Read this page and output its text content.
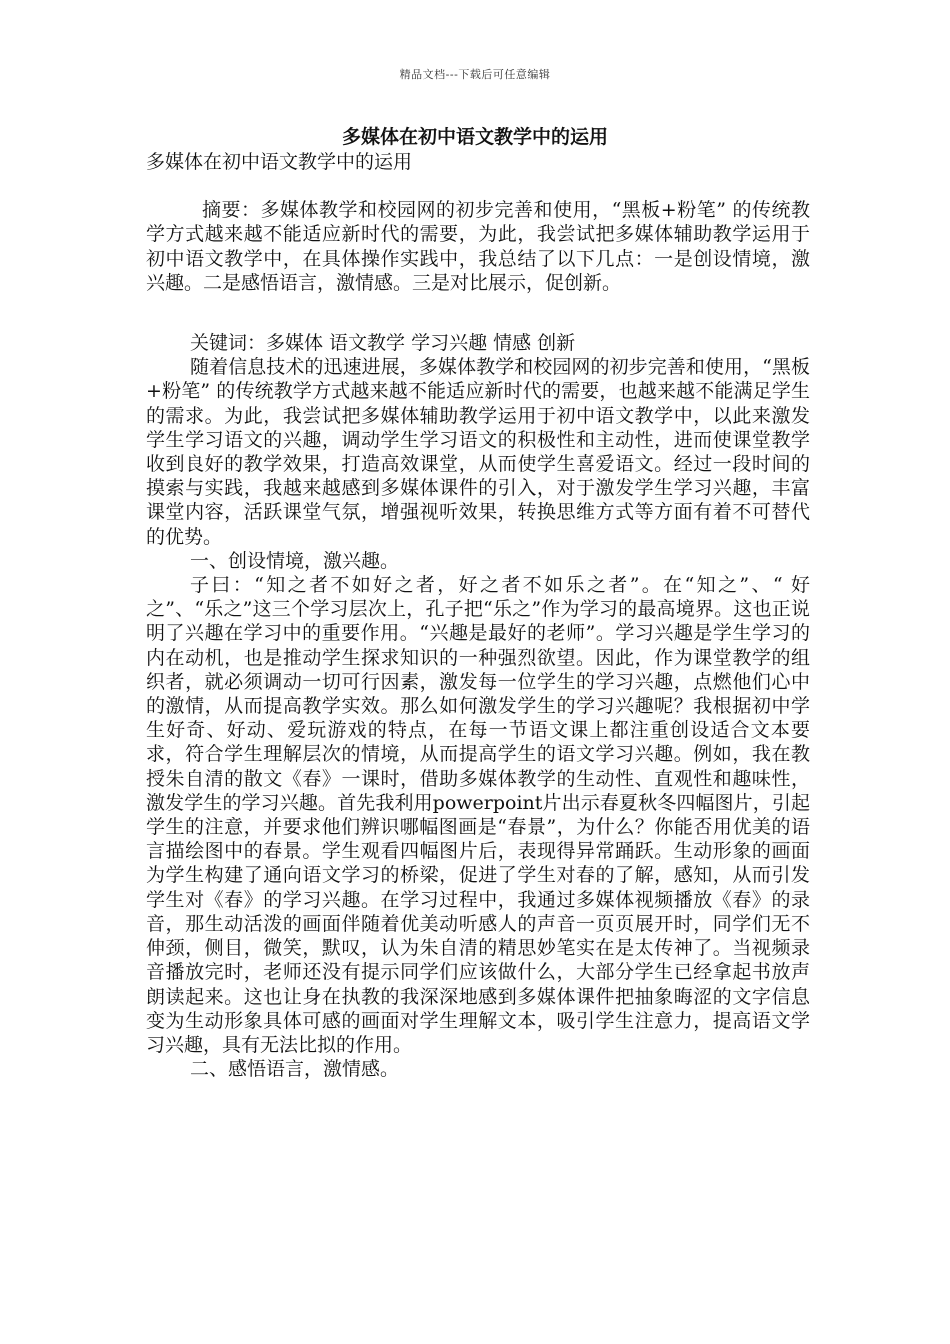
精品文档---下载后可任意编辑
多媒体在初中语文教学中的运用

多媒体在初中语文教学中的运用

摘要：多媒体教学和校园网的初步完善和使用，“黑板+粉笔” 的传统教学方式越来越不能适应新时代的需要，为此，我尝试把多媒体辅助教学运用于初中语文教学中，在具体操作实践中，我总结了以下几点：一是创设情境，激兴趣。二是感悟语言，激情感。三是对比展示，促创新。

关键词：多媒体 语文教学 学习兴趣 情感 创新

随着信息技术的迅速进展，多媒体教学和校园网的初步完善和使用，“黑板+粉笔” 的传统教学方式越来越不能适应新时代的需要，也越来越不能满足学生的需求。为此，我尝试把多媒体辅助教学运用于初中语文教学中，以此来激发学生学习语文的兴趣，调动学生学习语文的积极性和主动性，进而使课堂教学收到良好的教学效果，打造高效课堂，从而使学生喜爱语文。经过一段时间的摸索与实践，我越来越感到多媒体课件的引入，对于激发学生学习兴趣，丰富课堂内容，活跃课堂气氛，增强视听效果，转换思维方式等方面有着不可替代的优势。

一、创设情境，激兴趣。

子曰：“知之者不如好之者，好之者不如乐之者”。在“知之”、“ 好之”、“乐之”这三个学习层次上，孔子把“乐之”作为学习的最高境界。这也正说明了兴趣在学习中的重要作用。“兴趣是最好的老师”。学习兴趣是学生学习的内在动机，也是推动学生探求知识的一种强烈欲望。因此，作为课堂教学的组织者，就必须调动一切可行因素，激发每一位学生的学习兴趣，点燃他们心中的激情，从而提高教学实效。那么如何激发学生的学习兴趣呢？我根据初中学生好奇、好动、爱玩游戏的特点，在每一节语文课上都注重创设适合文本要求，符合学生理解层次的情境，从而提高学生的语文学习兴趣。例如，我在教授朱自清的散文《春》一课时，借助多媒体教学的生动性、直观性和趣味性，激发学生的学习兴趣。首先我利用powerpoint片出示春夏秋冬四幅图片，引起学生的注意，并要求他们辨识哪幅图画是“春景”，为什么？你能否用优美的语言描绘图中的春景。学生观看四幅图片后，表现得异常踊跃。生动形象的画面为学生构建了通向语文学习的桥梁，促进了学生对春的了解，感知，从而引发学生对《春》的学习兴趣。在学习过程中，我通过多媒体视频播放《春》的录音，那生动活泼的画面伴随着优美动听感人的声音一页页展开时，同学们无不伸颈，侧目，微笑，默叹，认为朱自清的精思妙笔实在是太传神了。当视频录音播放完时，老师还没有提示同学们应该做什么，大部分学生已经拿起书放声朗读起来。这也让身在执教的我深深地感到多媒体课件把抽象晦涩的文字信息变为生动形象具体可感的画面对学生理解文本，吸引学生注意力，提高语文学习兴趣，具有无法比拟的作用。

二、感悟语言，激情感。
